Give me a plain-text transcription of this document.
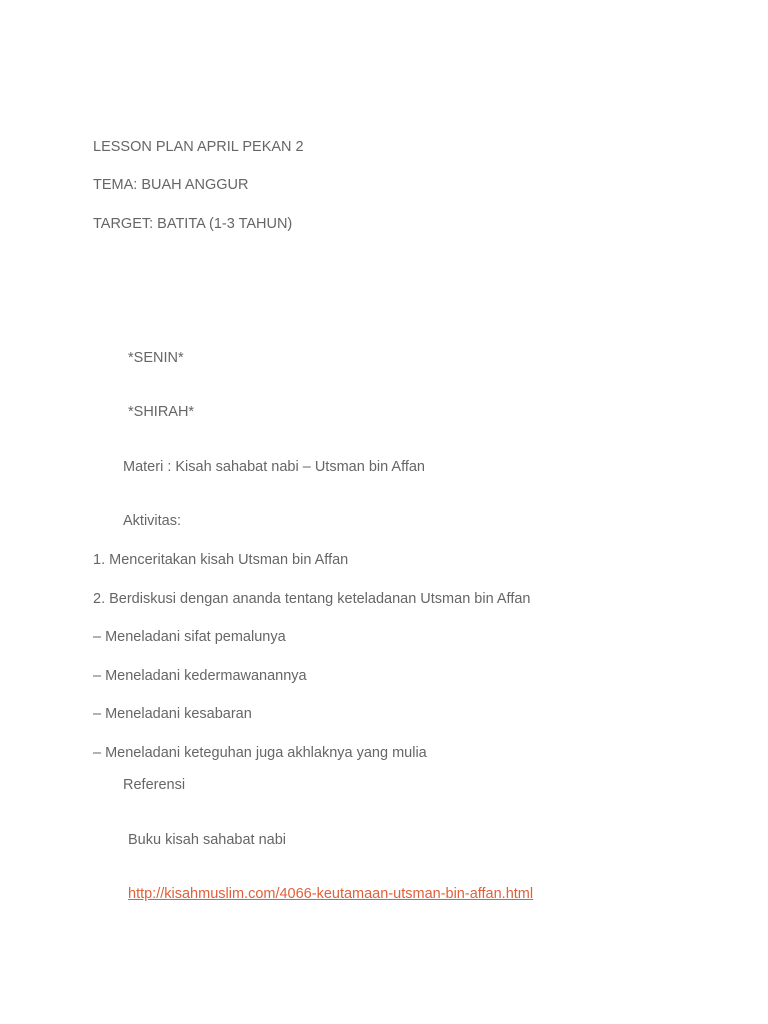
LESSON PLAN APRIL PEKAN 2
TEMA: BUAH ANGGUR
TARGET: BATITA (1-3 TAHUN)
*SENIN*
*SHIRAH*
Materi : Kisah sahabat nabi – Utsman bin Affan
Aktivitas:
1. Menceritakan kisah Utsman bin Affan
2. Berdiskusi dengan ananda tentang keteladanan Utsman bin Affan
– Meneladani sifat pemalunya
– Meneladani kedermawanannya
– Meneladani kesabaran
– Meneladani keteguhan juga akhlaknya yang mulia
Referensi
Buku kisah sahabat nabi
http://kisahmuslim.com/4066-keutamaan-utsman-bin-affan.html
